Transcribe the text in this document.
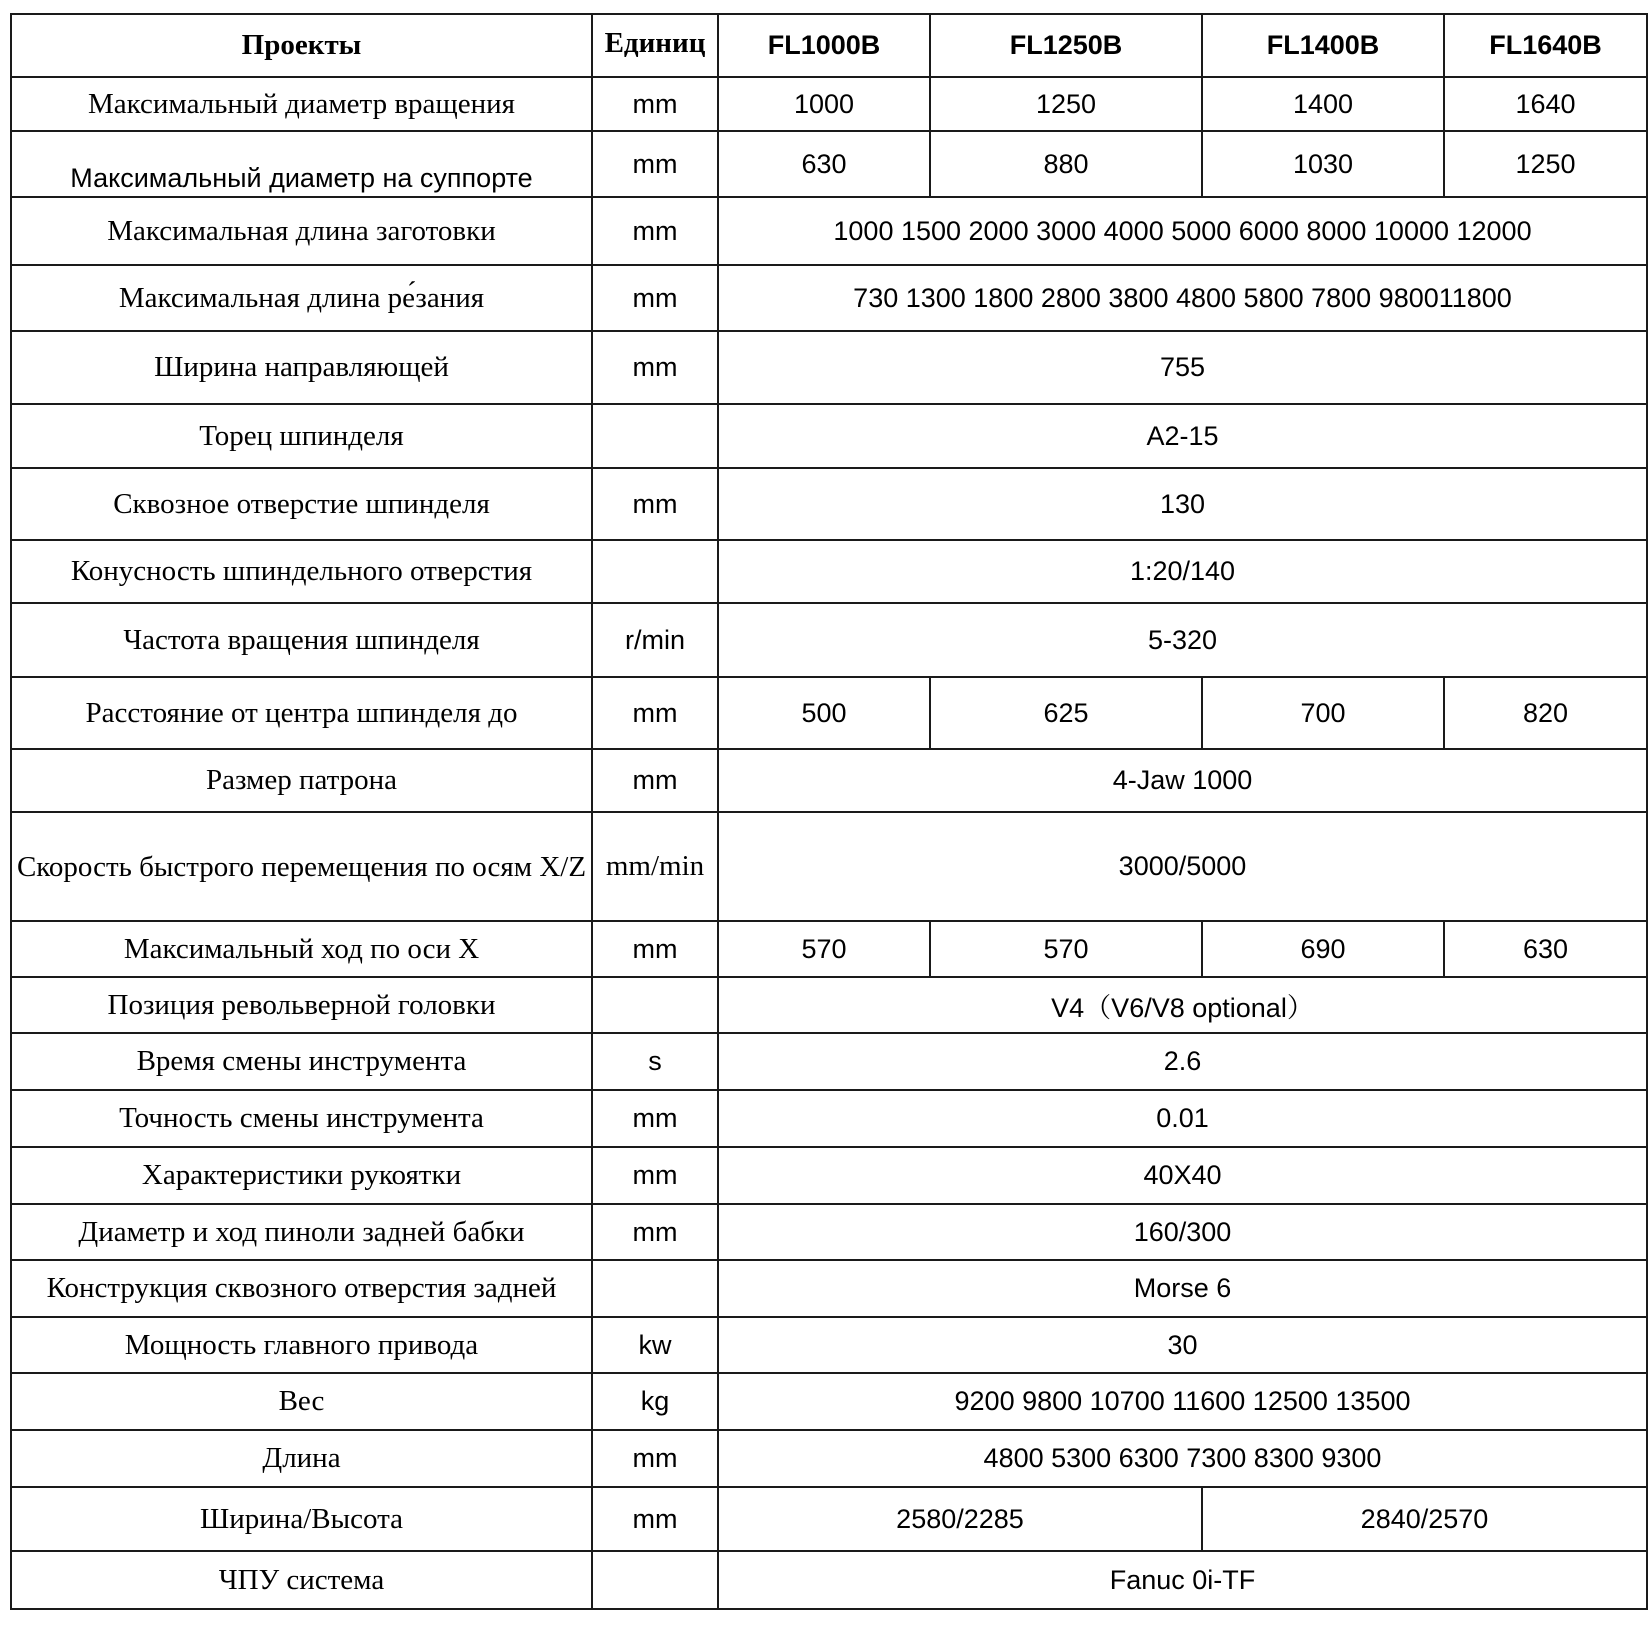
Проекты	Единиц	FL1000B	FL1250B	FL1400B	FL1640B
Максимальный диаметр вращения	mm	1000	1250	1400	1640
Максимальный диаметр на суппорте	mm	630	880	1030	1250
Максимальная длина заготовки	mm	1000 1500 2000 3000 4000 5000 6000 8000 10000 12000			
Максимальная длина ре́зания	mm	730 1300 1800 2800 3800 4800 5800 7800 980011800			
Ширина направляющей	mm	755			
Торец шпинделя		A2-15			
Сквозное отверстие шпинделя	mm	130			
Конусность шпиндельного отверстия		1:20/140			
Частота вращения шпинделя	r/min	5-320			
Расстояние от центра шпинделя до	mm	500	625	700	820
Размер патрона	mm	4-Jaw 1000			
Скорость быстрого перемещения по осям X/Z	mm/min	3000/5000			
Максимальный ход по оси X	mm	570	570	690	630
Позиция револьверной головки		V4（V6/V8 optional）			
Время смены инструмента	s	2.6			
Точность смены инструмента	mm	0.01			
Характеристики рукоятки	mm	40X40			
Диаметр и ход пиноли задней бабки	mm	160/300			
Конструкция сквозного отверстия задней		Morse 6			
Мощность главного привода	kw	30			
Вес	kg	9200 9800 10700 11600 12500 13500			
Длина	mm	4800 5300 6300 7300 8300 9300			
Ширина/Высота	mm	2580/2285		2840/2570	
ЧПУ система		Fanuc 0i-TF			
